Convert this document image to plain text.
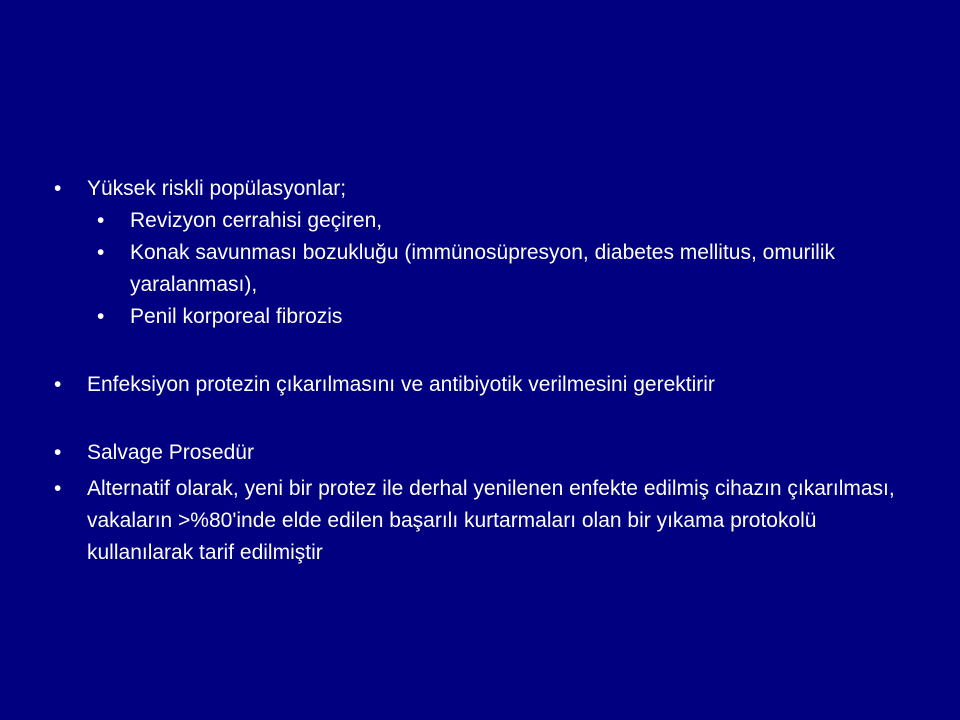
•	Yüksek riskli popülasyonlar;
•	Revizyon cerrahisi geçiren,
•	Konak savunması bozukluğu (immünosüpresyon, diabetes mellitus, omurilik yaralanması),
•	Penil korporeal fibrozis
•	Enfeksiyon protezin çıkarılmasını ve antibiyotik verilmesini gerektirir
•	Salvage Prosedür
•	Alternatif olarak, yeni bir protez ile derhal yenilenen enfekte edilmiş cihazın çıkarılması, vakaların >%80'inde elde edilen başarılı kurtarmaları olan bir yıkama protokolü kullanılarak tarif edilmiştir
